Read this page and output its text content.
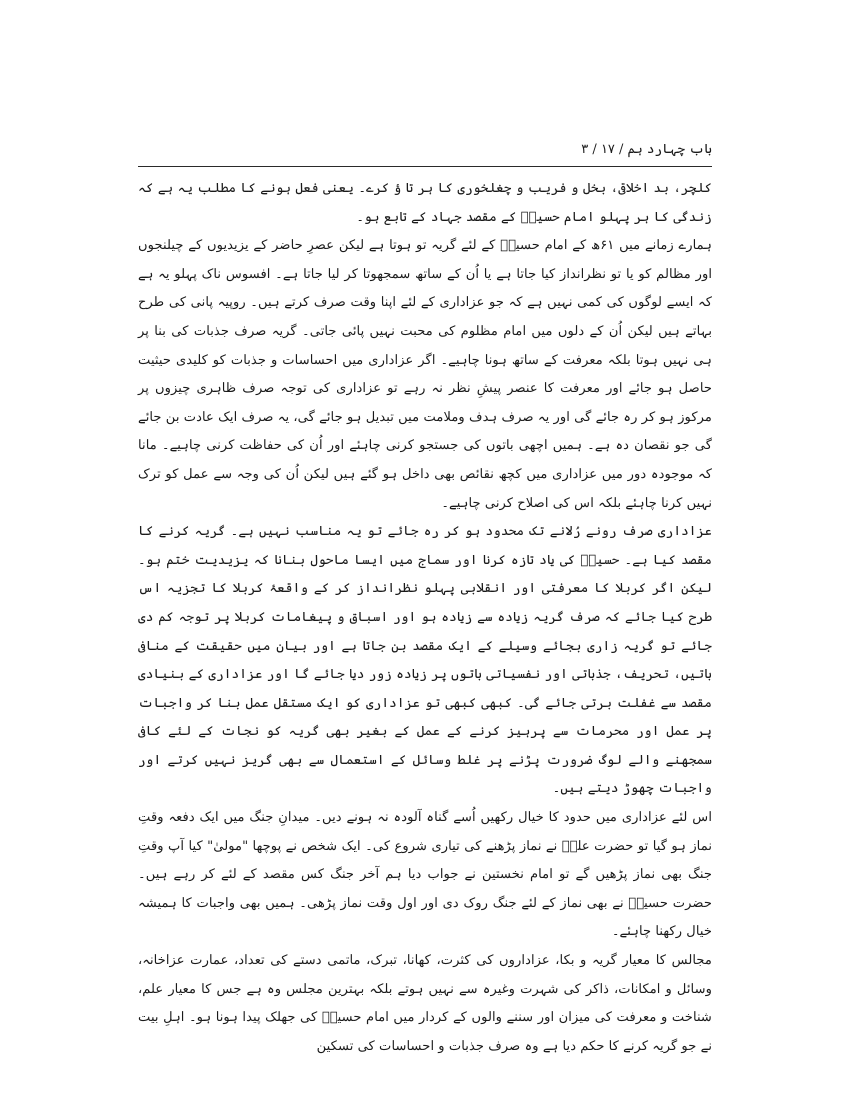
باب چہارد ہم / ۱۷ / ۳

کلچر، بد اخلاقی، بخل و فریب و چغلخوری کا ہر تا ؤ کرے۔ یعنی فعل ہونے کا مطلب یہ ہے کہ زندگی کا ہر پہلو امام حسینؑ کے مقصد جہاد کے تابع ہو۔

ہمارے زمانے میں ۶۱ھ کے امام حسینؑ کے لئے گریہ تو ہوتا ہے لیکن عصرِ حاضر کے یزیدیوں کے چیلنجوں اور مظالم کو یا تو نظرانداز کیا جاتا ہے یا اُن کے ساتھ سمجھوتا کر لیا جاتا ہے۔ افسوس ناک پہلو یہ ہے کہ ایسے لوگوں کی کمی نہیں ہے کہ جو عزاداری کے لئے اپنا وقت صرف کرتے ہیں۔ روپیہ پانی کی طرح بہاتے ہیں لیکن اُن کے دلوں میں امام مظلوم کی محبت نہیں پائی جاتی۔ گریہ صرف جذبات کی بنا پر ہی نہیں ہوتا بلکہ معرفت کے ساتھ ہونا چاہیے۔ اگر عزاداری میں احساسات و جذبات کو کلیدی حیثیت حاصل ہو جائے اور معرفت کا عنصر پیشِ نظر نہ رہے تو عزاداری کی توجہ صرف ظاہری چیزوں پر مرکوز ہو کر رہ جائے گی اور یہ صرف ہدف وملامت میں تبدیل ہو جائے گی، یہ صرف ایک عادت بن جائے گی جو نقصان دہ ہے۔ ہمیں اچھی باتوں کی جستجو کرنی چاہئے اور اُن کی حفاظت کرنی چاہیے۔ مانا کہ موجودہ دور میں عزاداری میں کچھ نقائص بھی داخل ہو گئے ہیں لیکن اُن کی وجہ سے عمل کو ترک نہیں کرنا چاہئے بلکہ اس کی اصلاح کرنی چاہیے۔

عزاداری صرف رونے رُلانے تک محدود ہو کر رہ جائے تو یہ مناسب نہیں ہے۔ گریہ کرنے کا مقصد کیا ہے۔ حسینؑ کی یاد تازہ کرنا اور سماج میں ایسا ماحول بنانا کہ یزیدیت ختم ہو۔ لیکن اگر کربلا کا معرفتی اور انقلابی پہلو نظرانداز کر کے واقعۂ کربلا کا تجزیہ اس طرح کیا جائے کہ صرف گریہ زیادہ سے زیادہ ہو اور اسباق و پیغامات کربلا پر توجہ کم دی جائے تو گریہ زاری بجائے وسیلے کے ایک مقصد بن جاتا ہے اور بیان میں حقیقت کے منافی باتیں، تحریف، جذباتی اور نفسیاتی باتوں پر زیادہ زور دیا جائے گا اور عزاداری کے بنیادی مقصد سے غفلت برتی جائے گی۔ کبھی کبھی تو عزاداری کو ایک مستقل عمل بنا کر واجبات پر عمل اور محرمات سے پرہیز کرنے کے عمل کے بغیر بھی گریہ کو نجات کے لئے کافی سمجھنے والے لوگ ضرورت پڑنے پر غلط وسائل کے استعمال سے بھی گریز نہیں کرتے اور واجبات چھوڑ دیتے ہیں۔

اس لئے عزاداری میں حدود کا خیال رکھیں اُسے گناہ آلودہ نہ ہونے دیں۔ میدانِ جنگ میں ایک دفعہ وقتِ نماز ہو گیا تو حضرت علیؑ نے نماز پڑھنے کی تیاری شروع کی۔ ایک شخص نے پوچھا "مولیٰ" کیا آپ وقتِ جنگ بھی نماز پڑھیں گے تو امام نخستین نے جواب دیا ہم آخر جنگ کس مقصد کے لئے کر رہے ہیں۔ حضرت حسینؑ نے بھی نماز کے لئے جنگ روک دی اور اول وقت نماز پڑھی۔ ہمیں بھی واجبات کا ہمیشہ خیال رکھنا چاہئے۔

مجالس کا معیار گریہ و بکا، عزاداروں کی کثرت، کھانا، تبرک، ماتمی دستے کی تعداد، عمارت عزاخانہ، وسائل و امکانات، ذاکر کی شہرت وغیرہ سے نہیں ہوتے بلکہ بہترین مجلس وہ ہے جس کا معیار علم، شناخت و معرفت کی میزان اور سننے والوں کے کردار میں امام حسینؑ کی جھلک پیدا ہونا ہو۔ اہلِ بیت نے جو گریہ کرنے کا حکم دیا ہے وہ صرف جذبات و احساسات کی تسکین
